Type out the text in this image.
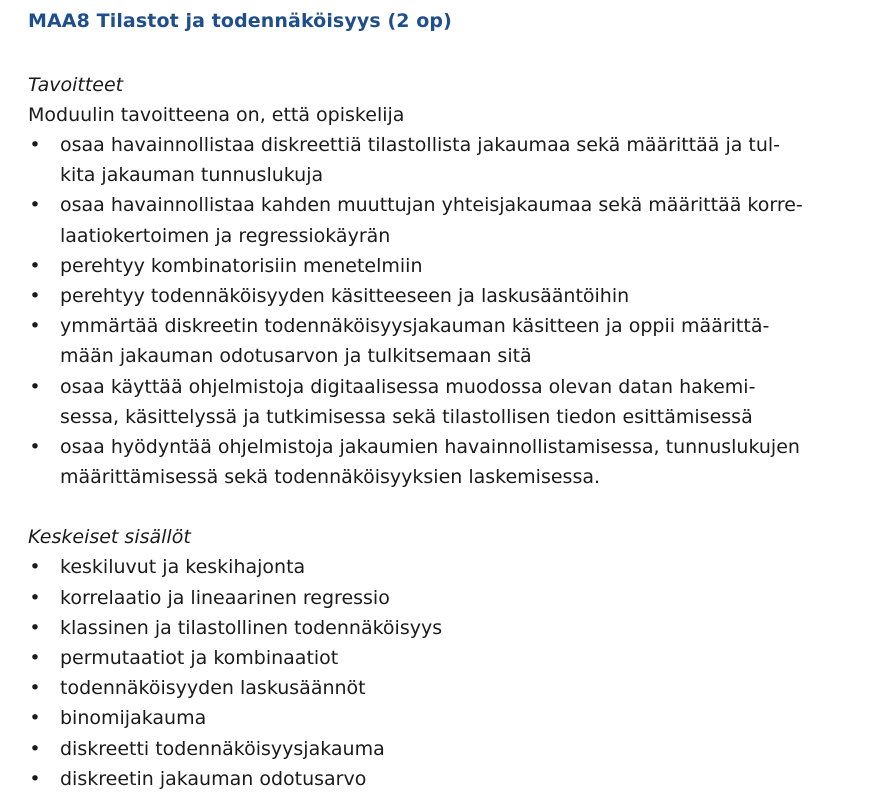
MAA8 Tilastot ja todennäköisyys (2 op)

Tavoitteet

Moduulin tavoitteena on, että opiskelija

• osaa havainnollistaa diskreettiä tilastollista jakaumaa sekä määrittää ja tul-
kita jakauman tunnuslukuja
• osaa havainnollistaa kahden muuttujan yhteisjakaumaa sekä määrittää korre-
laatiokertoimen ja regressiokäyrän
• perehtyy kombinatorisiin menetelmiin
• perehtyy todennäköisyyden käsitteeseen ja laskusääntöihin
• ymmärtää diskreetin todennäköisyysjakauman käsitteen ja oppii määrittä-
mään jakauman odotusarvon ja tulkitsemaan sitä
• osaa käyttää ohjelmistoja digitaalisessa muodossa olevan datan hakemi-
sessa, käsittelyssä ja tutkimisessa sekä tilastollisen tiedon esittämisessä
• osaa hyödyntää ohjelmistoja jakaumien havainnollistamisessa, tunnuslukujen
määrittämisessä sekä todennäköisyyksien laskemisessa.

Keskeiset sisällöt

• keskiluvut ja keskihajonta
• korrelaatio ja lineaarinen regressio
• klassinen ja tilastollinen todennäköisyys
• permutaatiot ja kombinaatiot
• todennäköisyyden laskusäännöt
• binomijakauma
• diskreetti todennäköisyysjakauma
• diskreetin jakauman odotusarvo
